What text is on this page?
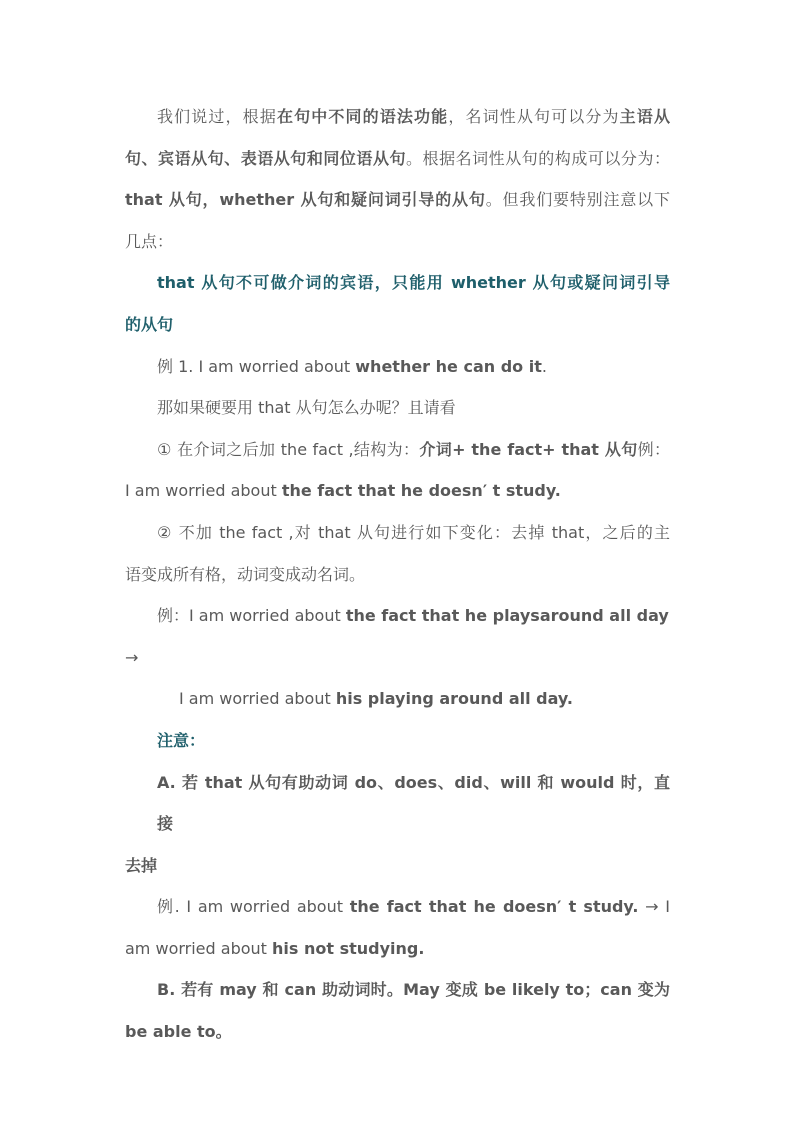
我们说过，根据在句中不同的语法功能，名词性从句可以分为主语从

句、宾语从句、表语从句和同位语从句。根据名词性从句的构成可以分为：

that 从句，whether 从句和疑问词引导的从句。但我们要特别注意以下

几点：

that 从句不可做介词的宾语，只能用 whether 从句或疑问词引导

的从句

例 1. I am worried about whether he can do it.

那如果硬要用 that 从句怎么办呢？且请看

① 在介词之后加 the fact ,结构为：介词+ the fact+ that 从句例：

I am worried about the fact that he doesn′ t study.

② 不加 the fact ,对 that 从句进行如下变化：去掉 that，之后的主

语变成所有格，动词变成动名词。

例：I am worried about the fact that he playsaround all day

→

I am worried about his playing around all day.

注意：

A. 若 that 从句有助动词 do、does、did、will 和 would 时，直接

去掉

例. I am worried about the fact that he doesn′ t study. → I

am worried about his not studying.

B. 若有 may 和 can 助动词时。May 变成 be likely to；can 变为

be able to。
